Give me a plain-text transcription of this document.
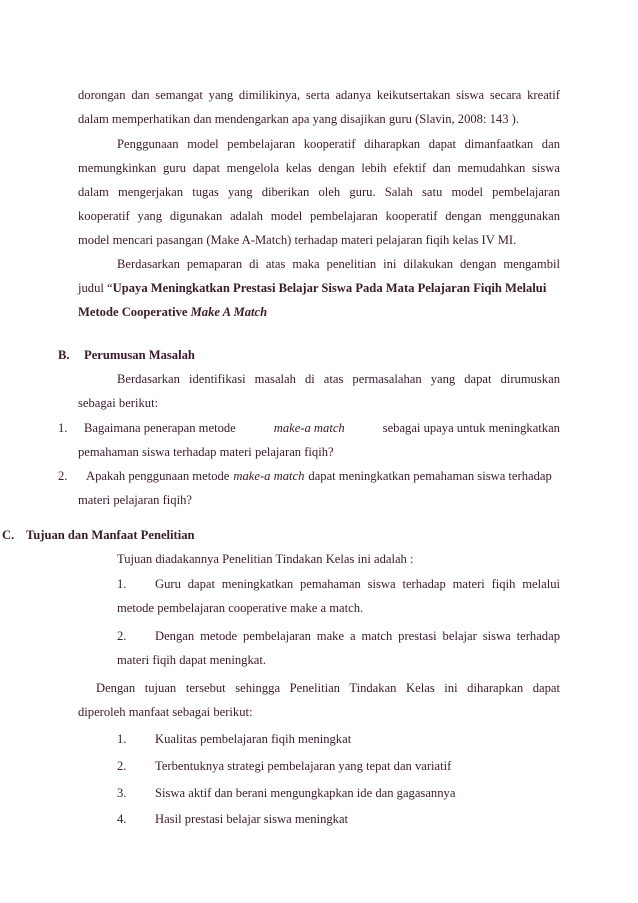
dorongan dan semangat yang dimilikinya, serta adanya keikutsertakan siswa secara kreatif
dalam memperhatikan dan mendengarkan apa yang disajikan guru (Slavin, 2008: 143 ).
Penggunaan model pembelajaran kooperatif diharapkan dapat dimanfaatkan dan
memungkinkan guru dapat mengelola kelas dengan lebih efektif dan memudahkan siswa
dalam mengerjakan tugas yang diberikan oleh guru. Salah satu model pembelajaran
kooperatif yang digunakan adalah model pembelajaran kooperatif dengan menggunakan
model mencari pasangan (Make A-Match) terhadap materi pelajaran fiqih kelas IV MI.
Berdasarkan pemaparan di atas maka penelitian ini dilakukan dengan mengambil
judul “Upaya Meningkatkan Prestasi Belajar Siswa Pada Mata Pelajaran Fiqih Melalui
Metode Cooperative Make A Match
B. Perumusan Masalah
Berdasarkan identifikasi masalah di atas permasalahan yang dapat dirumuskan
sebagai berikut:
1. Bagaimana penerapan metode	make-a match	sebagai upaya untuk meningkatkan
pemahaman siswa terhadap materi pelajaran fiqih?
2. Apakah penggunaan metode make-a match dapat meningkatkan pemahaman siswa terhadap
materi pelajaran fiqih?
C. Tujuan dan Manfaat Penelitian
Tujuan diadakannya Penelitian Tindakan Kelas ini adalah :
1. Guru dapat meningkatkan pemahaman siswa terhadap materi fiqih melalui
metode pembelajaran cooperative make a match.
2. Dengan metode pembelajaran make a match prestasi belajar siswa terhadap
materi fiqih dapat meningkat.
Dengan tujuan tersebut sehingga Penelitian Tindakan Kelas ini diharapkan dapat
diperoleh manfaat sebagai berikut:
1. Kualitas pembelajaran fiqih meningkat
2. Terbentuknya strategi pembelajaran yang tepat dan variatif
3. Siswa aktif dan berani mengungkapkan ide dan gagasannya
4. Hasil prestasi belajar siswa meningkat
